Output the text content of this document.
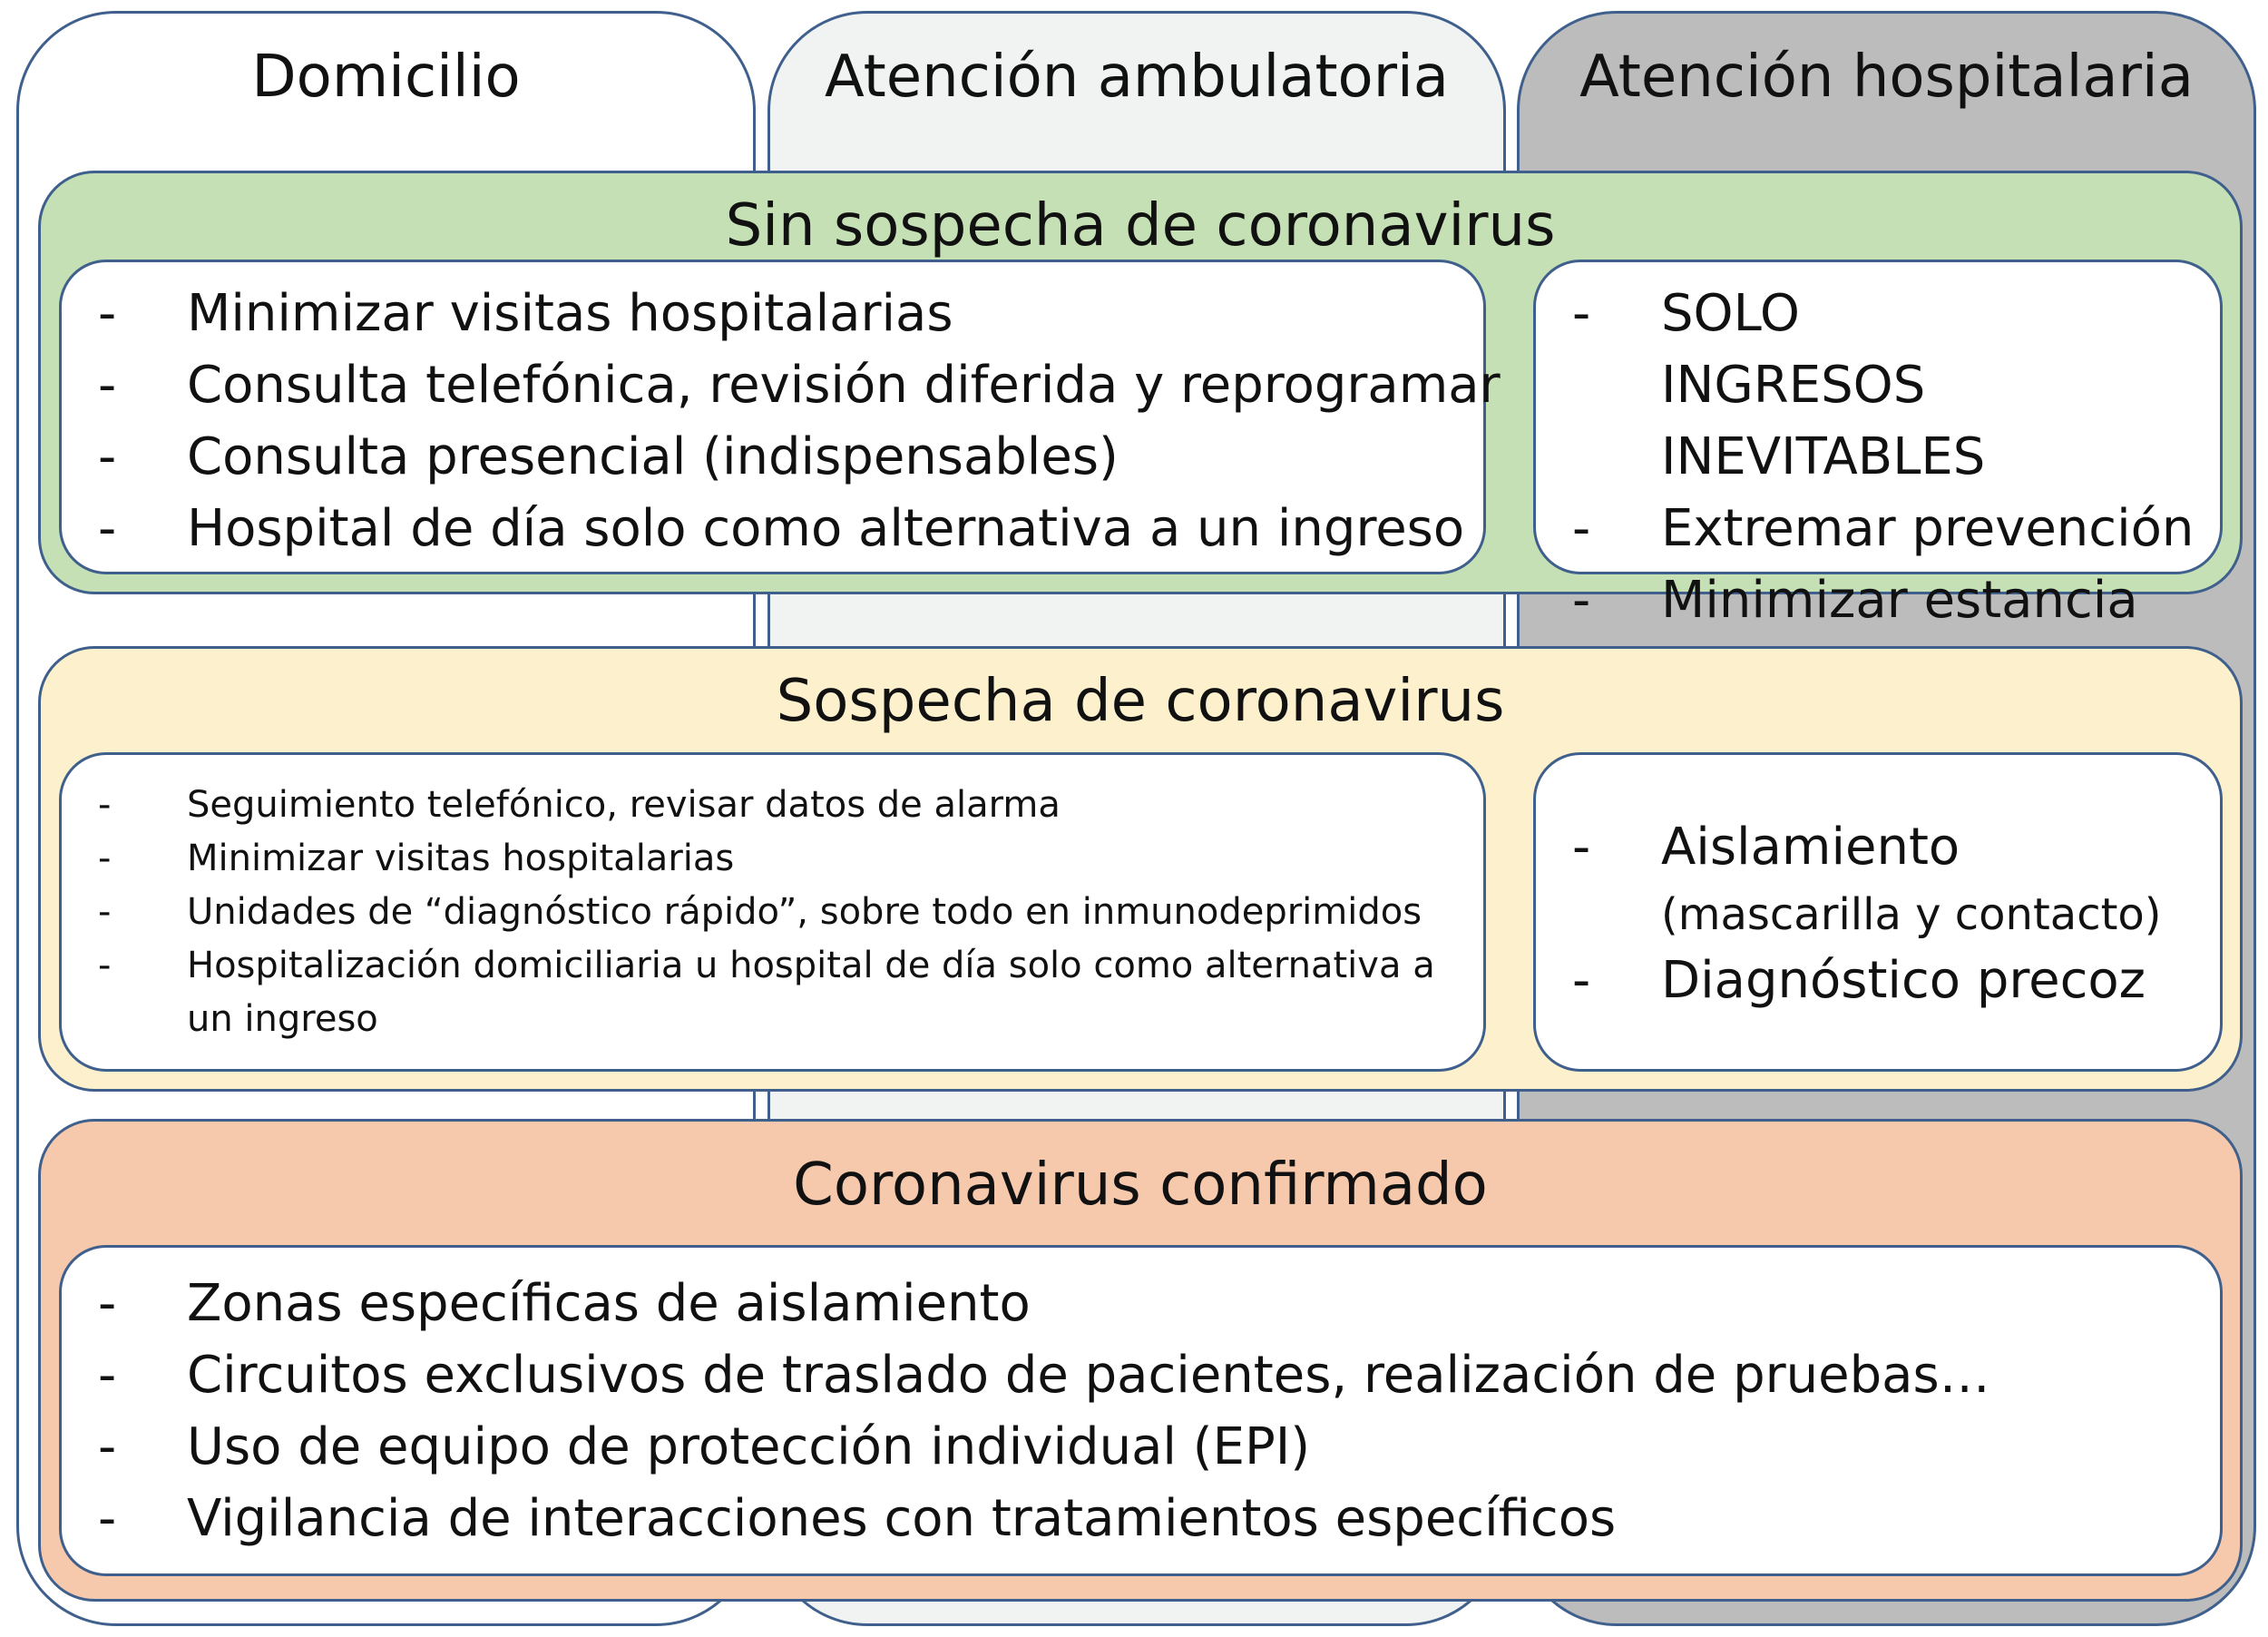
Domicilio	Atención ambulatoria	Atención hospitalaria
Sin sospecha de coronavirus
- Minimizar visitas hospitalarias
- Consulta telefónica, revisión diferida y reprogramar
- Consulta presencial (indispensables)
- Hospital de día solo como alternativa a un ingreso
- SOLO INGRESOS INEVITABLES
- Extremar prevención
- Minimizar estancia
Sospecha de coronavirus
- Seguimiento telefónico, revisar datos de alarma
- Minimizar visitas hospitalarias
- Unidades de “diagnóstico rápido”, sobre todo en inmunodeprimidos
- Hospitalización domiciliaria u hospital de día solo como alternativa a un ingreso
- Aislamiento
(mascarilla y contacto)
- Diagnóstico precoz
Coronavirus confirmado
- Zonas específicas de aislamiento
- Circuitos exclusivos de traslado de pacientes, realización de pruebas…
- Uso de equipo de protección individual (EPI)
- Vigilancia de interacciones con tratamientos específicos
